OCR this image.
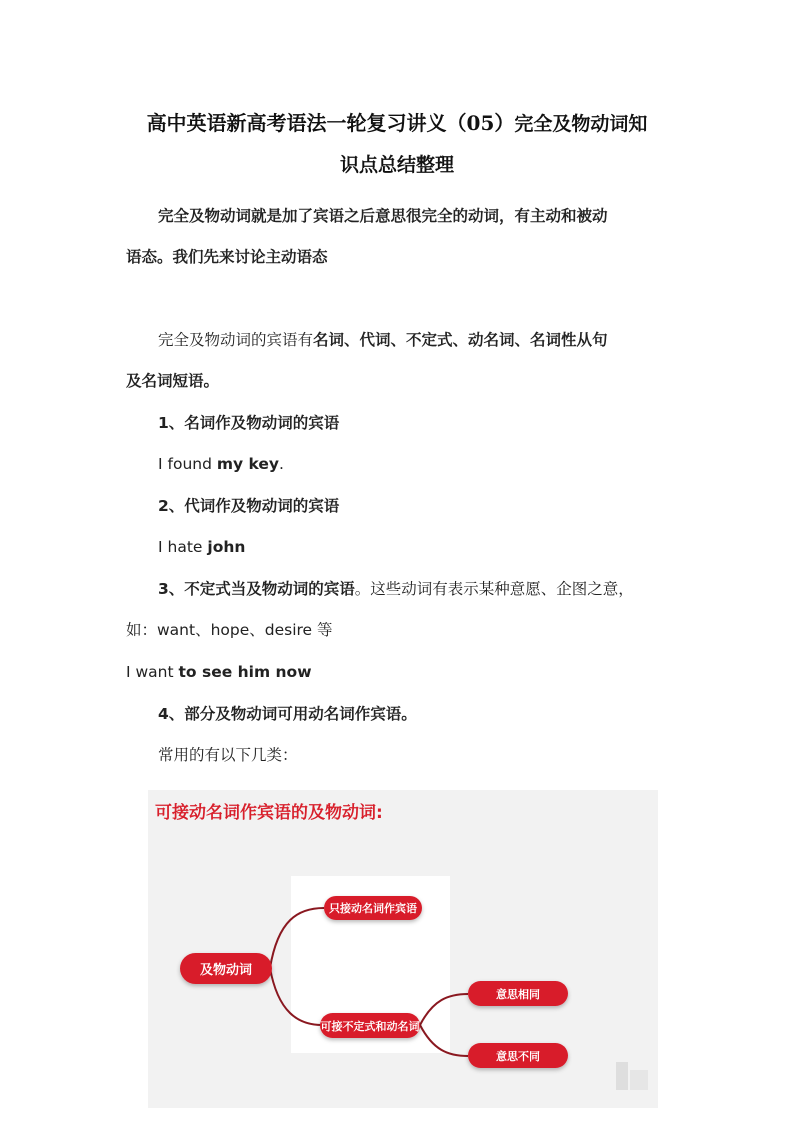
高中英语新高考语法一轮复习讲义（05）完全及物动词知
识点总结整理

完全及物动词就是加了宾语之后意思很完全的动词，有主动和被动
语态。我们先来讨论主动语态

完全及物动词的宾语有名词、代词、不定式、动名词、名词性从句
及名词短语。

1、名词作及物动词的宾语

I found my key.

2、代词作及物动词的宾语

I hate john

3、不定式当及物动词的宾语。这些动词有表示某种意愿、企图之意，
如：want、hope、desire 等

I want to see him now

4、部分及物动词可用动名词作宾语。

常用的有以下几类：

可接动名词作宾语的及物动词:
及物动词
只接动名词作宾语
可接不定式和动名词
意思相同
意思不同
